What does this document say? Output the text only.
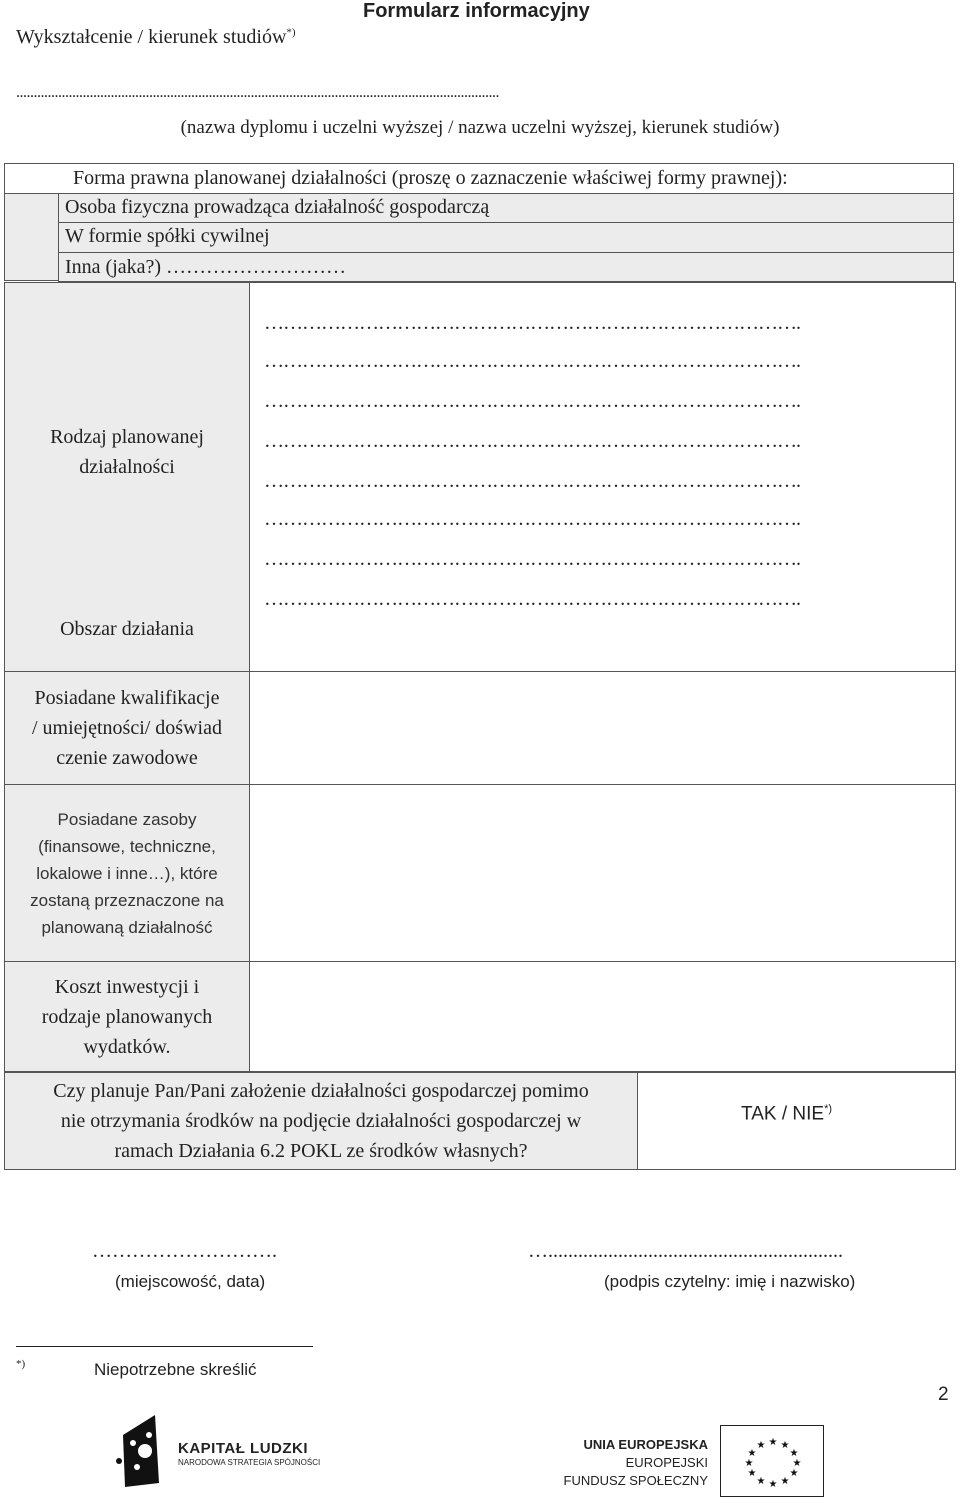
Formularz informacyjny
Wykształcenie / kierunek studiów*)
..........................................................................................................................................
(nazwa dyplomu i uczelni wyższej / nazwa uczelni wyższej, kierunek studiów)
Forma prawna planowanej działalności (proszę o zaznaczenie właściwej formy prawnej):
Osoba fizyczna prowadząca działalność gospodarczą
W formie spółki cywilnej
Inna (jaka?) ………………………
Rodzaj planowanej
działalności
Obszar działania
Posiadane kwalifikacje
/ umiejętności/ doświad
czenie zawodowe
Posiadane zasoby
(finansowe, techniczne,
lokalowe i inne…), które
zostaną przeznaczone na
planowaną działalność
Koszt inwestycji i
rodzaje planowanych
wydatków.
………………………………………………………………………….
………………………………………………………………………….
………………………………………………………………………….
………………………………………………………………………….
………………………………………………………………………….
………………………………………………………………………….
………………………………………………………………………….
………………………………………………………………………….
Czy planuje Pan/Pani założenie działalności gospodarczej pomimo
nie otrzymania środków na podjęcie działalności gospodarczej w
ramach Działania 6.2 POKL ze środków własnych?
TAK / NIE*)
……………………….
(miejscowość, data)
…...........................................................
(podpis czytelny: imię i nazwisko)
*)	Niepotrzebne skreślić
2
KAPITAŁ LUDZKI
NARODOWA STRATEGIA SPÓJNOŚCI
UNIA EUROPEJSKA
EUROPEJSKI
FUNDUSZ SPOŁECZNY
★ ★
★
★
★
★
★
★
★
★
★
★
